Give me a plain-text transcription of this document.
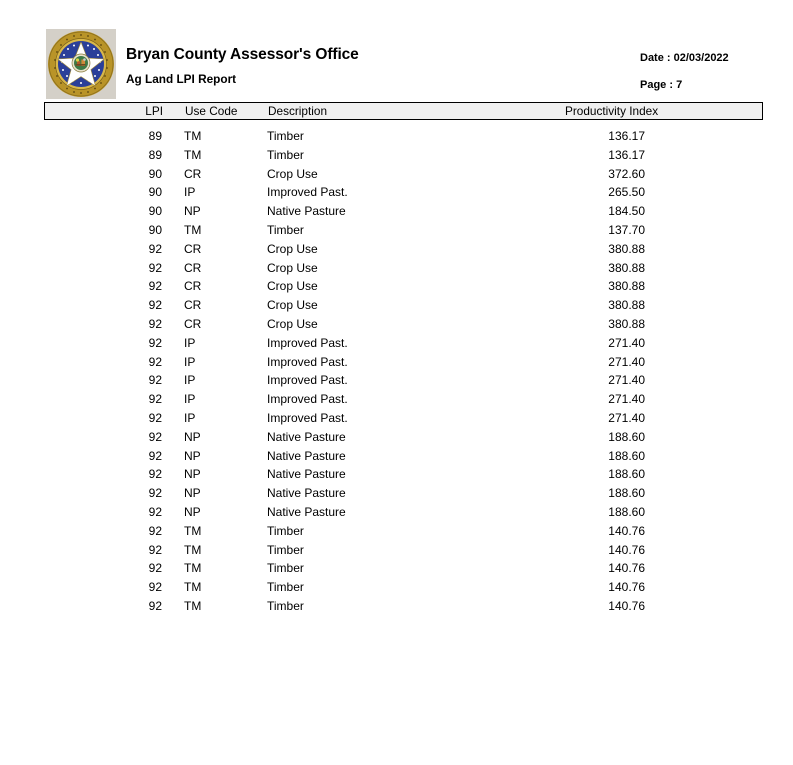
Bryan County Assessor's Office
Ag Land LPI Report
Date : 02/03/2022
Page : 7
LPI Use Code	Description	Productivity Index
89 TM	Timber	136.17
89 TM	Timber	136.17
90 CR	Crop Use	372.60
90 IP	Improved Past.	265.50
90 NP	Native Pasture	184.50
90 TM	Timber	137.70
92 CR	Crop Use	380.88
92 CR	Crop Use	380.88
92 CR	Crop Use	380.88
92 CR	Crop Use	380.88
92 CR	Crop Use	380.88
92 IP	Improved Past.	271.40
92 IP	Improved Past.	271.40
92 IP	Improved Past.	271.40
92 IP	Improved Past.	271.40
92 IP	Improved Past.	271.40
92 NP	Native Pasture	188.60
92 NP	Native Pasture	188.60
92 NP	Native Pasture	188.60
92 NP	Native Pasture	188.60
92 NP	Native Pasture	188.60
92 TM	Timber	140.76
92 TM	Timber	140.76
92 TM	Timber	140.76
92 TM	Timber	140.76
92 TM	Timber	140.76
